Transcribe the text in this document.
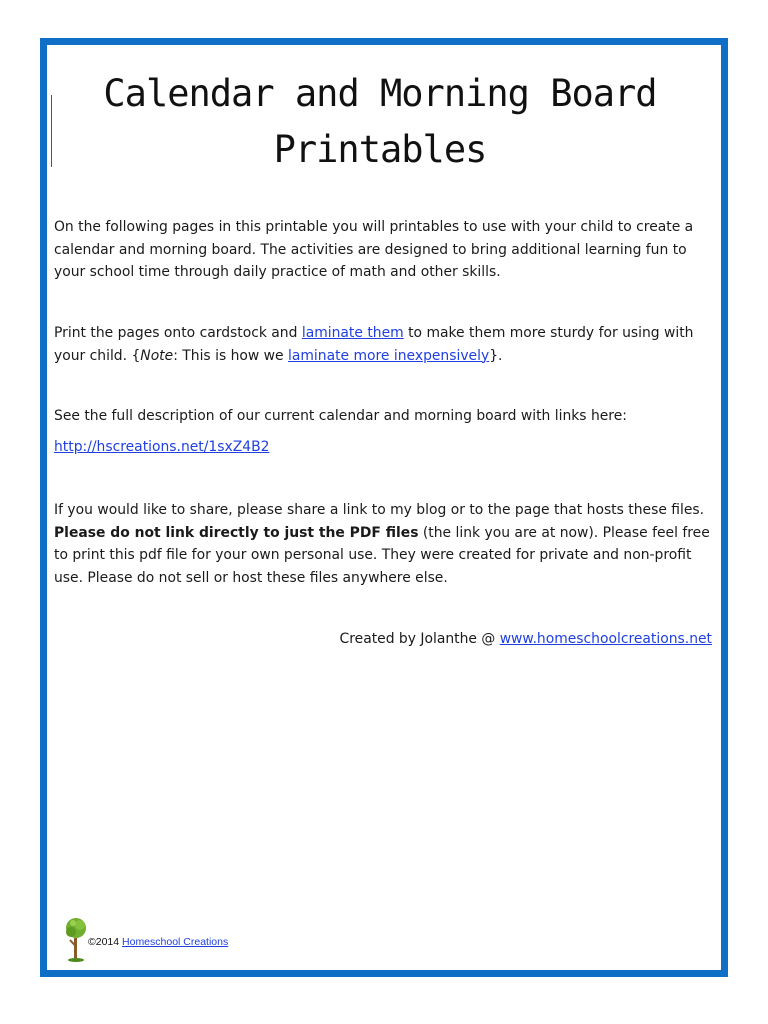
Calendar and Morning Board
Printables
On the following pages in this printable you will printables to use with your child to create a calendar and morning board. The activities are designed to bring additional learning fun to your school time through daily practice of math and other skills.
Print the pages onto cardstock and laminate them to make them more sturdy for using with your child. {Note: This is how we laminate more inexpensively}.
See the full description of our current calendar and morning board with links here:
http://hscreations.net/1sxZ4B2
If you would like to share, please share a link to my blog or to the page that hosts these files. Please do not link directly to just the PDF files (the link you are at now). Please feel free to print this pdf file for your own personal use. They were created for private and non-profit use. Please do not sell or host these files anywhere else.
Created by Jolanthe @ www.homeschoolcreations.net
©2014 Homeschool Creations
